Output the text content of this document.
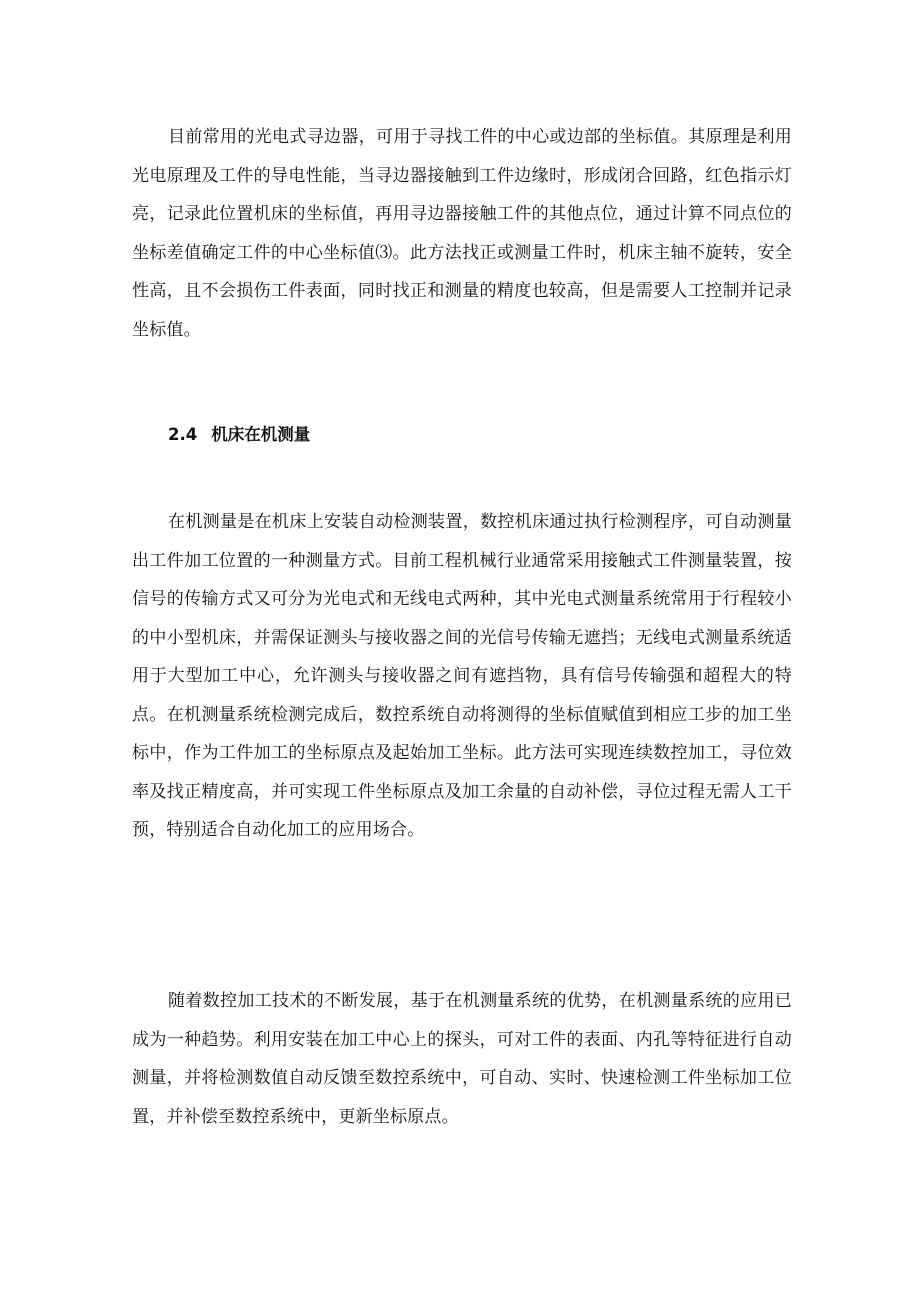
目前常用的光电式寻边器，可用于寻找工件的中心或边部的坐标值。其原理是利用光电原理及工件的导电性能，当寻边器接触到工件边缘时，形成闭合回路，红色指示灯亮，记录此位置机床的坐标值，再用寻边器接触工件的其他点位，通过计算不同点位的坐标差值确定工件的中心坐标值⑶。此方法找正或测量工件时，机床主轴不旋转，安全性高，且不会损伤工件表面，同时找正和测量的精度也较高，但是需要人工控制并记录坐标值。

2.4 机床在机测量

在机测量是在机床上安装自动检测装置，数控机床通过执行检测程序，可自动测量出工件加工位置的一种测量方式。目前工程机械行业通常采用接触式工件测量装置，按信号的传输方式又可分为光电式和无线电式两种，其中光电式测量系统常用于行程较小的中小型机床，并需保证测头与接收器之间的光信号传输无遮挡；无线电式测量系统适用于大型加工中心，允许测头与接收器之间有遮挡物，具有信号传输强和超程大的特点。在机测量系统检测完成后，数控系统自动将测得的坐标值赋值到相应工步的加工坐标中，作为工件加工的坐标原点及起始加工坐标。此方法可实现连续数控加工，寻位效率及找正精度高，并可实现工件坐标原点及加工余量的自动补偿，寻位过程无需人工干预，特别适合自动化加工的应用场合。

随着数控加工技术的不断发展，基于在机测量系统的优势，在机测量系统的应用已成为一种趋势。利用安装在加工中心上的探头，可对工件的表面、内孔等特征进行自动测量，并将检测数值自动反馈至数控系统中，可自动、实时、快速检测工件坐标加工位置，并补偿至数控系统中，更新坐标原点。
